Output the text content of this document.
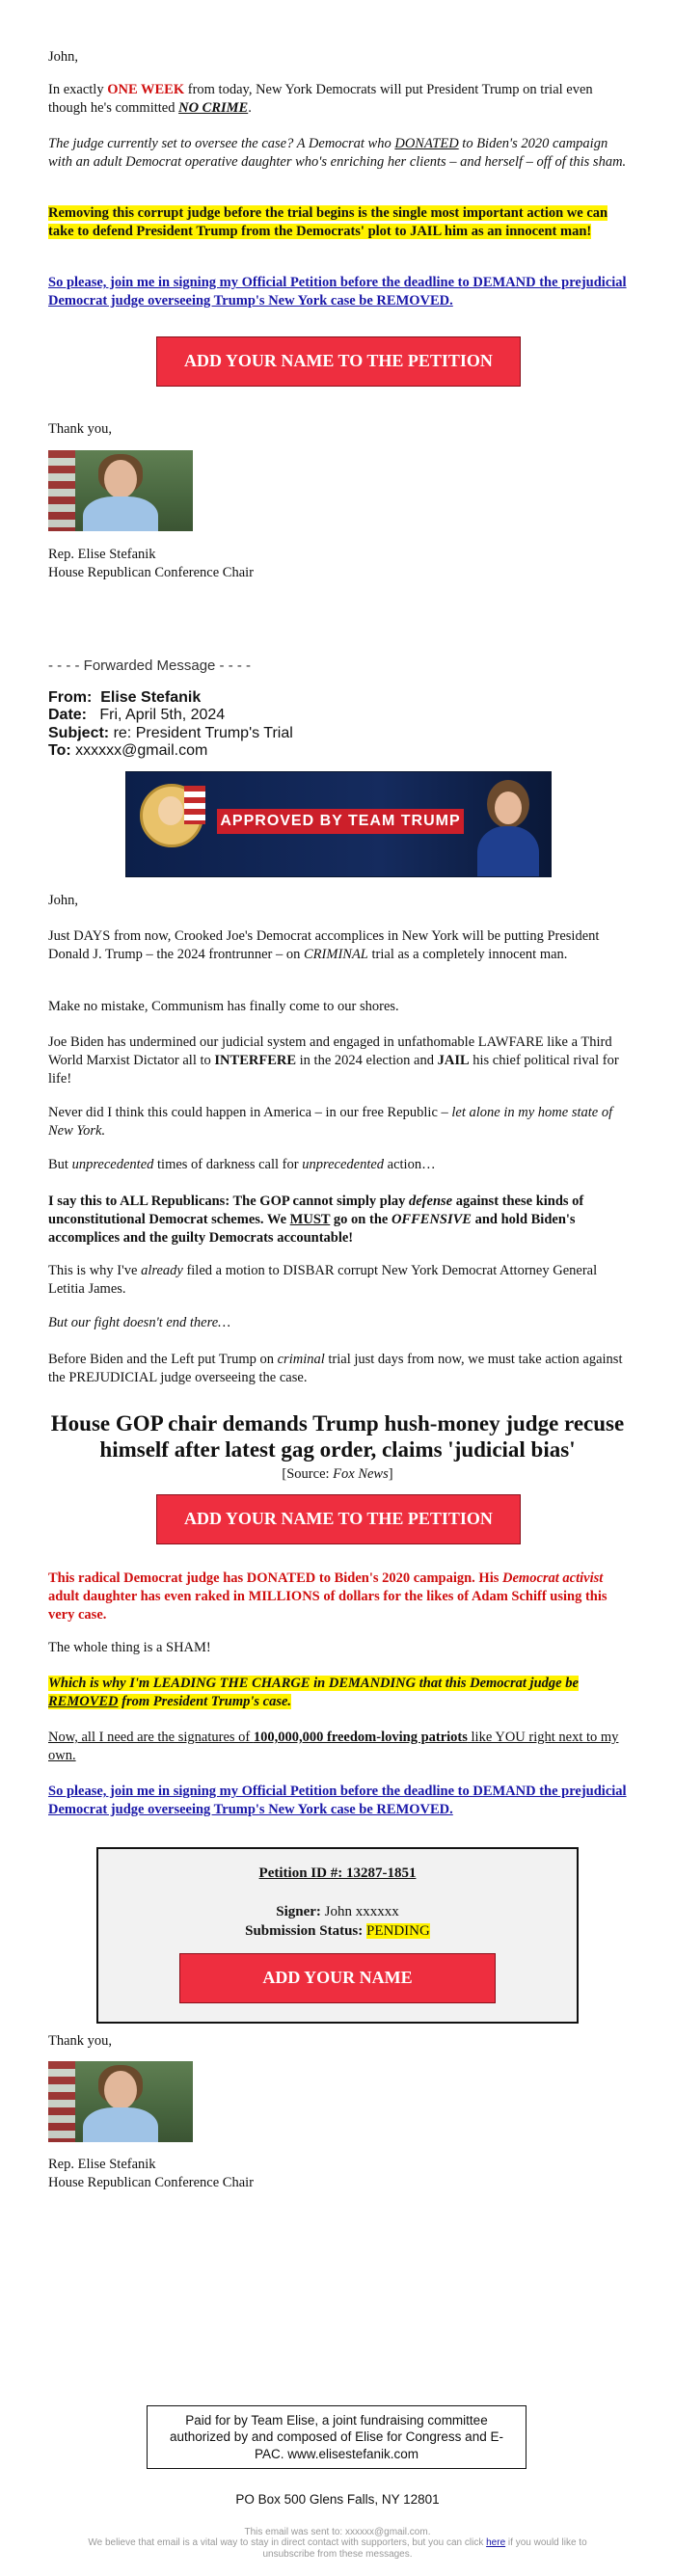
John,

In exactly ONE WEEK from today, New York Democrats will put President Trump on trial even though he's committed NO CRIME.

The judge currently set to oversee the case? A Democrat who DONATED to Biden's 2020 campaign with an adult Democrat operative daughter who's enriching her clients – and herself – off of this sham.

Removing this corrupt judge before the trial begins is the single most important action we can take to defend President Trump from the Democrats' plot to JAIL him as an innocent man!

So please, join me in signing my Official Petition before the deadline to DEMAND the prejudicial Democrat judge overseeing Trump's New York case be REMOVED.

ADD YOUR NAME TO THE PETITION

Thank you,

Rep. Elise Stefanik

House Republican Conference Chair

- - - - Forwarded Message - - - -

From: Elise Stefanik
Date: Fri, April 5th, 2024
Subject: re: President Trump's Trial
To: xxxxxx@gmail.com
APPROVED BY TEAM TRUMP

John,

Just DAYS from now, Crooked Joe's Democrat accomplices in New York will be putting President Donald J. Trump – the 2024 frontrunner – on CRIMINAL trial as a completely innocent man.

Make no mistake, Communism has finally come to our shores.

Joe Biden has undermined our judicial system and engaged in unfathomable LAWFARE like a Third World Marxist Dictator all to INTERFERE in the 2024 election and JAIL his chief political rival for life!

Never did I think this could happen in America – in our free Republic – let alone in my home state of New York.

But unprecedented times of darkness call for unprecedented action…

I say this to ALL Republicans: The GOP cannot simply play defense against these kinds of unconstitutional Democrat schemes. We MUST go on the OFFENSIVE and hold Biden's accomplices and the guilty Democrats accountable!

This is why I've already filed a motion to DISBAR corrupt New York Democrat Attorney General Letitia James.

But our fight doesn't end there…

Before Biden and the Left put Trump on criminal trial just days from now, we must take action against the PREJUDICIAL judge overseeing the case.

House GOP chair demands Trump hush-money judge recuse himself after latest gag order, claims 'judicial bias'

[Source: Fox News]

ADD YOUR NAME TO THE PETITION

This radical Democrat judge has DONATED to Biden's 2020 campaign. His Democrat activist adult daughter has even raked in MILLIONS of dollars for the likes of Adam Schiff using this very case.

The whole thing is a SHAM!

Which is why I'm LEADING THE CHARGE in DEMANDING that this Democrat judge be REMOVED from President Trump's case.

Now, all I need are the signatures of 100,000,000 freedom-loving patriots like YOU right next to my own.

So please, join me in signing my Official Petition before the deadline to DEMAND the prejudicial Democrat judge overseeing Trump's New York case be REMOVED.

Petition ID #: 13287-1851
Signer: John xxxxxx
Submission Status: PENDING
ADD YOUR NAME

Thank you,

Rep. Elise Stefanik

House Republican Conference Chair

Paid for by Team Elise, a joint fundraising committee authorized by and composed of Elise for Congress and E-PAC. www.elisestefanik.com

PO Box 500 Glens Falls, NY 12801

This email was sent to: xxxxxx@gmail.com.

We believe that email is a vital way to stay in direct contact with supporters, but you can click here if you would like to unsubscribe from these messages.
